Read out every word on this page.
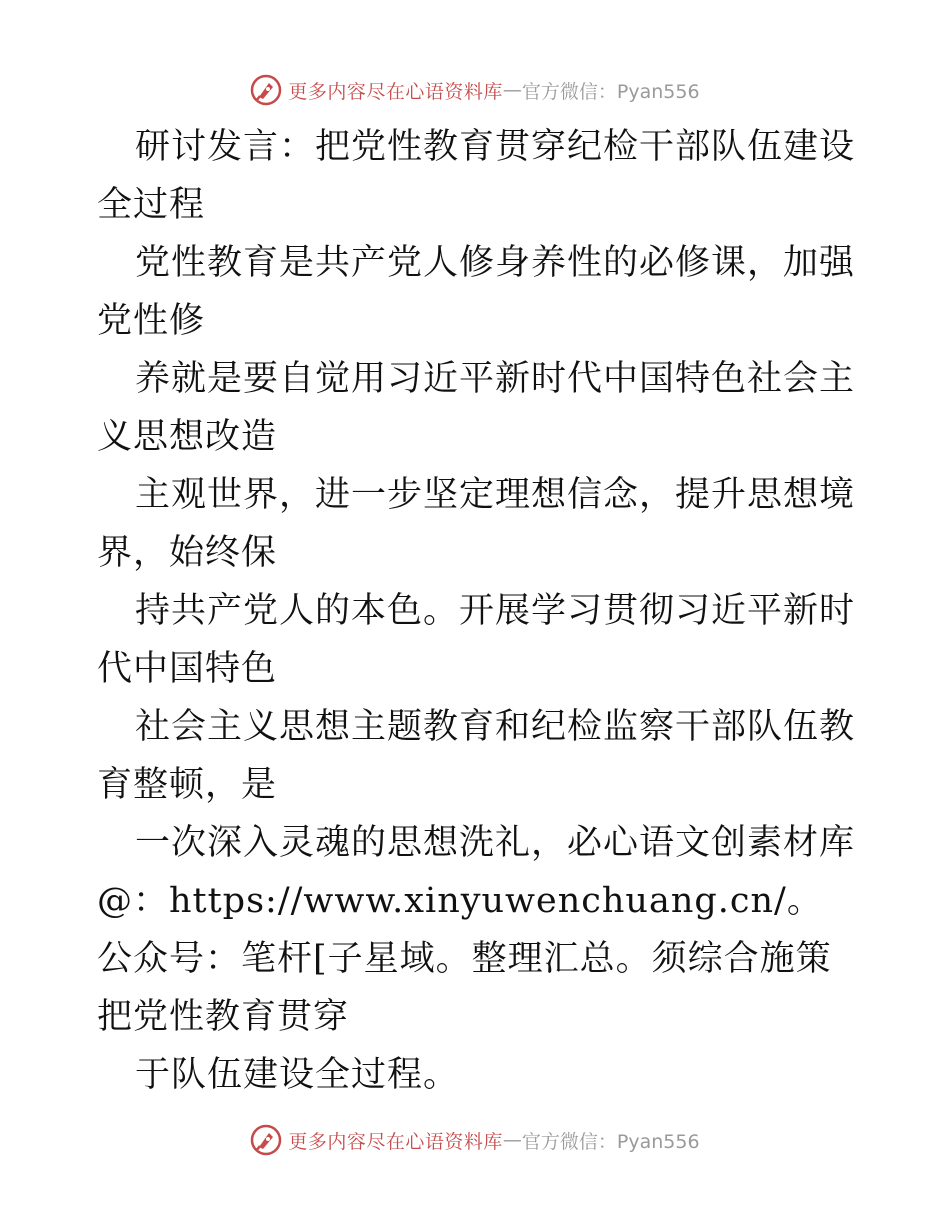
更多内容尽在心语资料库 — 官方微信：Pyan556

研讨发言：把党性教育贯穿纪检干部队伍建设全过程

党性教育是共产党人修身养性的必修课，加强党性修

养就是要自觉用习近平新时代中国特色社会主义思想改造

主观世界，进一步坚定理想信念，提升思想境界，始终保

持共产党人的本色。开展学习贯彻习近平新时代中国特色

社会主义思想主题教育和纪检监察干部队伍教育整顿，是

一次深入灵魂的思想洗礼，必心语文创素材库

@：https://www.xinyuwenchuang.cn/。公众号：笔杆[子星域。整理汇总。须综合施策把党性教育贯穿

于队伍建设全过程。

更多内容尽在心语资料库 — 官方微信：Pyan556
